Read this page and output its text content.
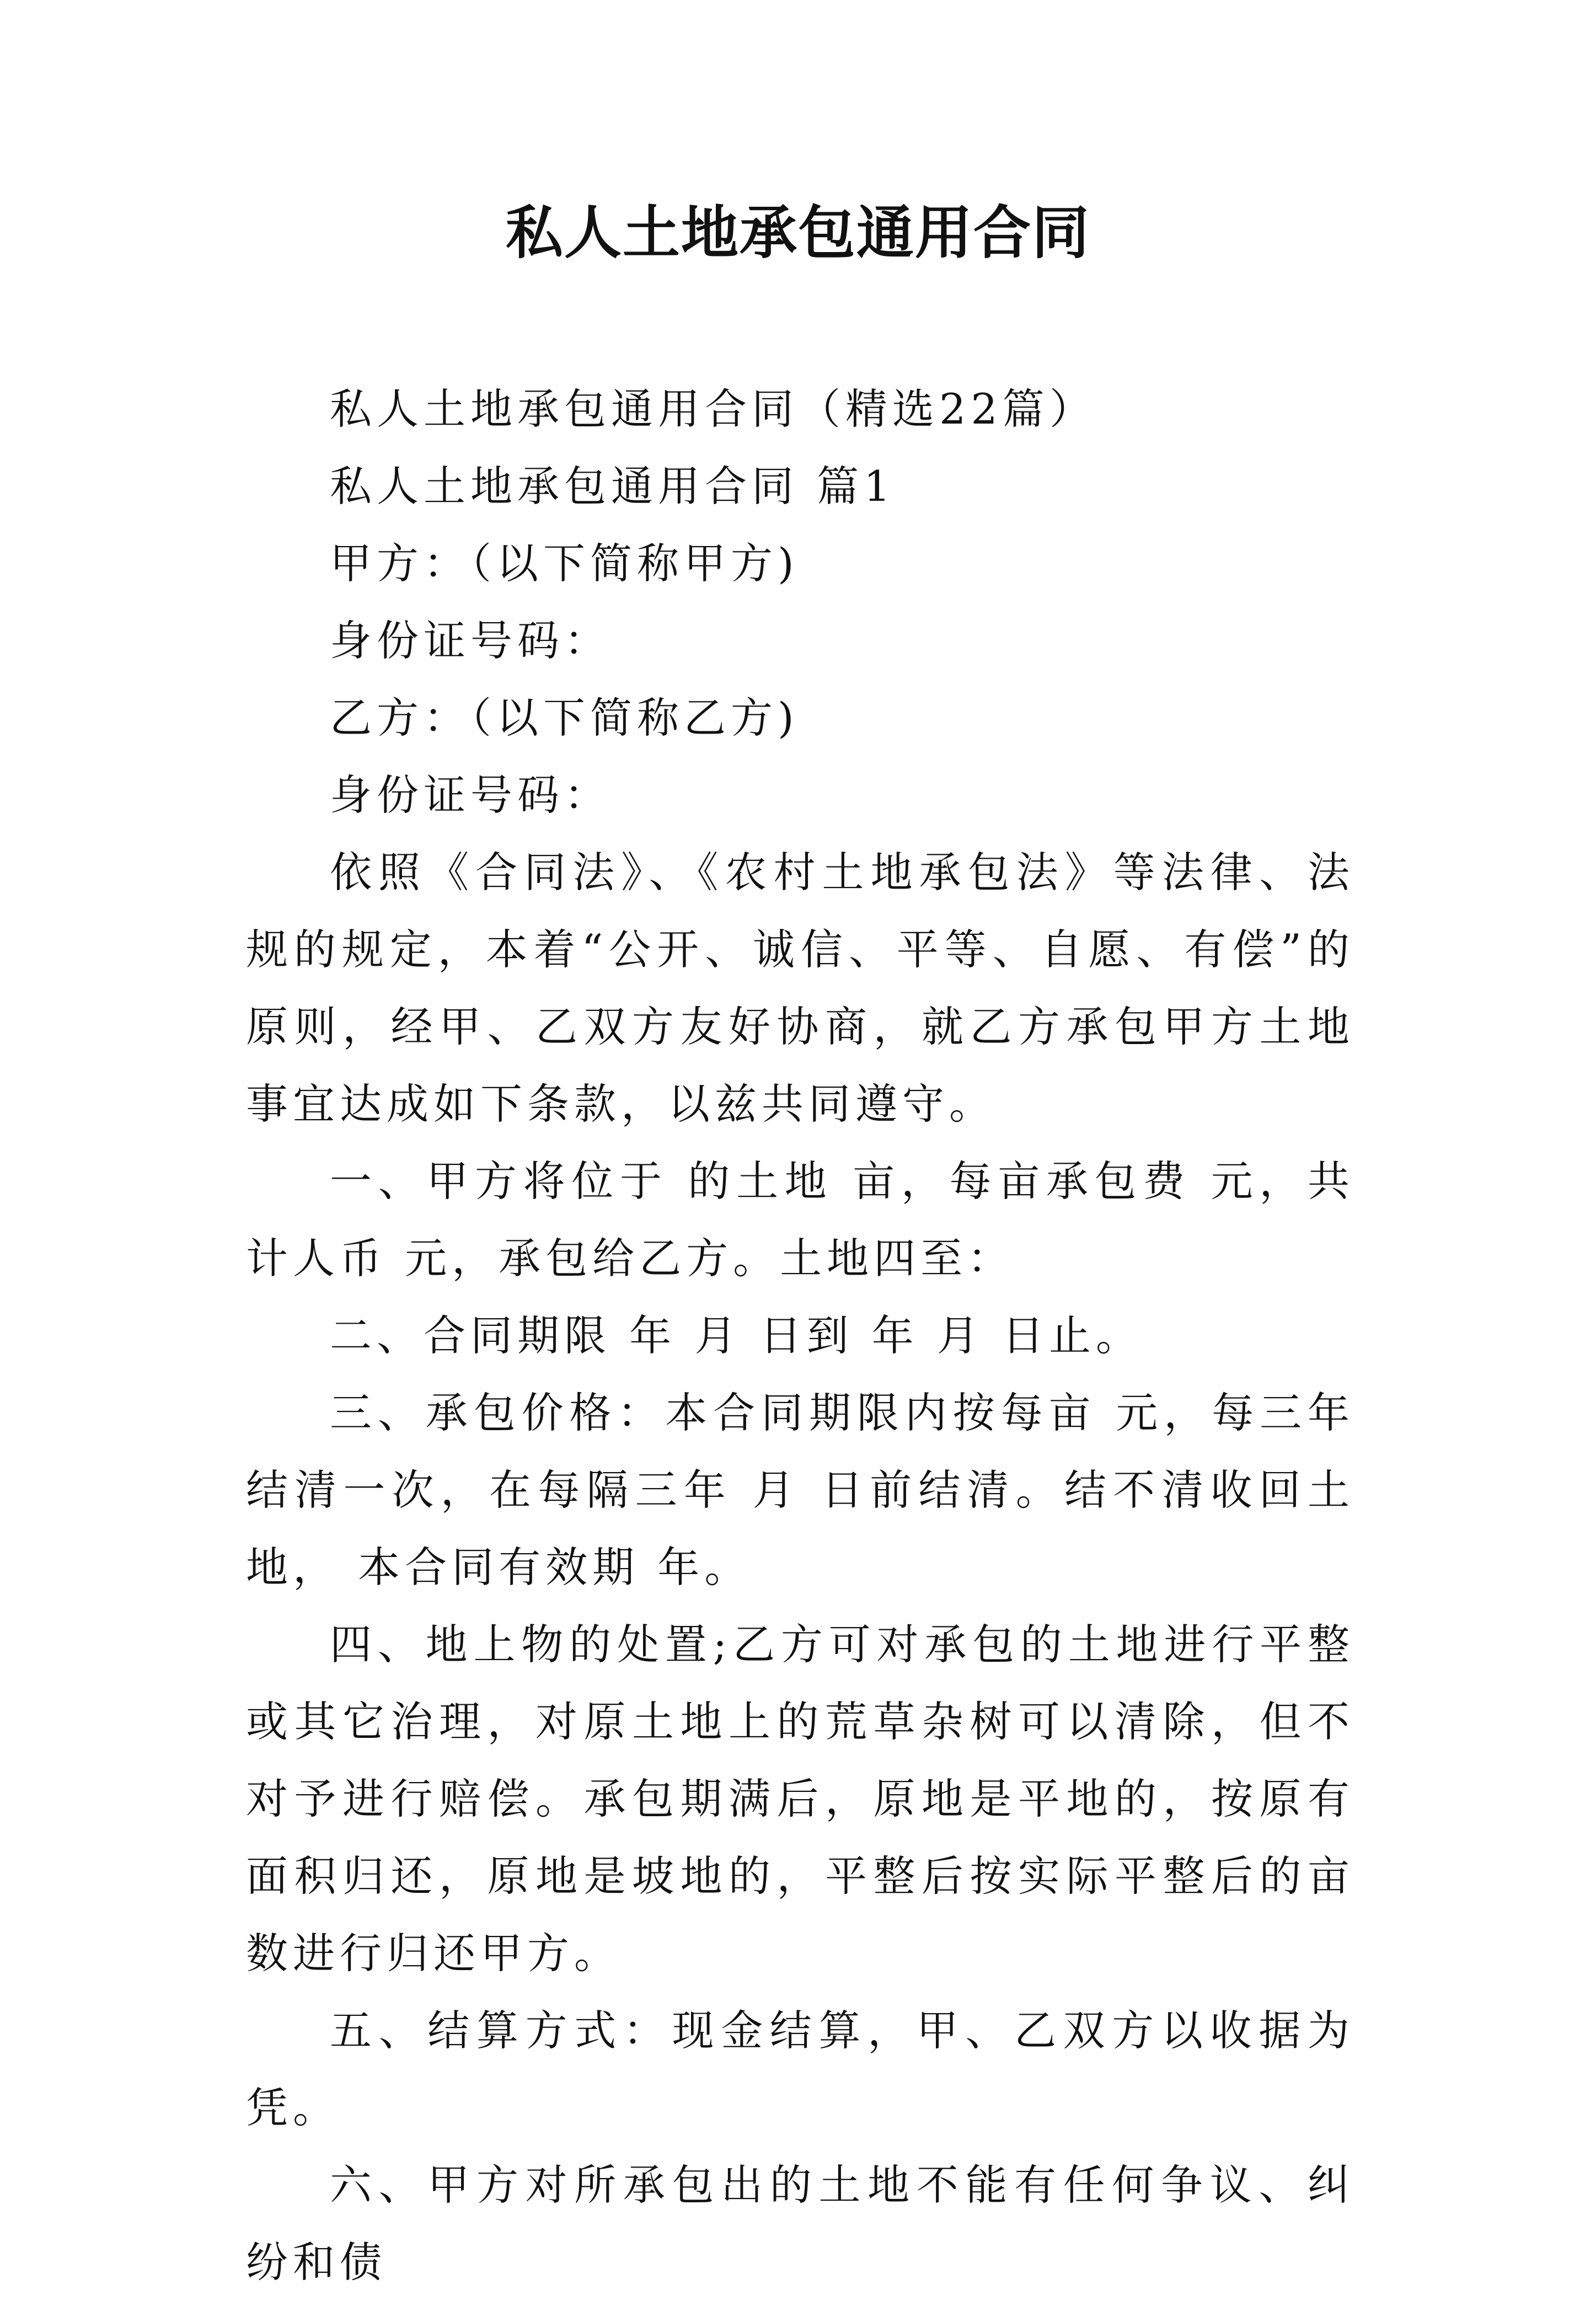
私人土地承包通用合同

私人土地承包通用合同（精选22篇）

私人土地承包通用合同 篇1

甲方：（以下简称甲方)

身份证号码：

乙方：（以下简称乙方)

身份证号码：

依照《合同法》、《农村土地承包法》等法律、法规的规定，本着“公开、诚信、平等、自愿、有偿”的原则，经甲、乙双方友好协商，就乙方承包甲方土地事宜达成如下条款，以兹共同遵守。

一、甲方将位于 的土地 亩，每亩承包费 元，共计人币 元，承包给乙方。土地四至：

二、合同期限 年 月 日到 年 月 日止。

三、承包价格：本合同期限内按每亩 元，每三年结清一次，在每隔三年 月 日前结清。结不清收回土地， 本合同有效期 年。

四、地上物的处置;乙方可对承包的土地进行平整或其它治理，对原土地上的荒草杂树可以清除，但不对予进行赔偿。承包期满后，原地是平地的，按原有面积归还，原地是坡地的，平整后按实际平整后的亩数进行归还甲方。

五、结算方式：现金结算，甲、乙双方以收据为凭。

六、甲方对所承包出的土地不能有任何争议、纠纷和债
